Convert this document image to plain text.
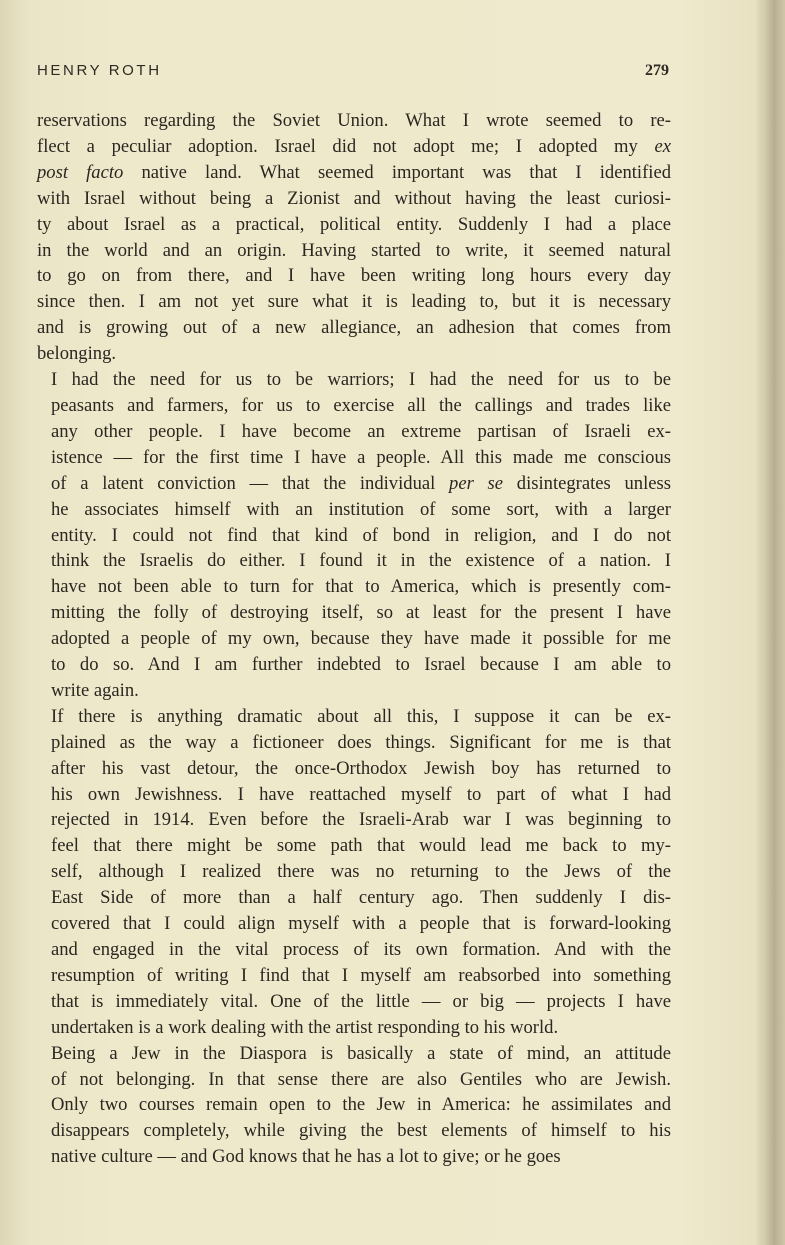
HENRY ROTH	279

reservations regarding the Soviet Union. What I wrote seemed to re-
flect a peculiar adoption. Israel did not adopt me; I adopted my ex
post facto native land. What seemed important was that I identified
with Israel without being a Zionist and without having the least curiosi-
ty about Israel as a practical, political entity. Suddenly I had a place
in the world and an origin. Having started to write, it seemed natural
to go on from there, and I have been writing long hours every day
since then. I am not yet sure what it is leading to, but it is necessary
and is growing out of a new allegiance, an adhesion that comes from
belonging.

I had the need for us to be warriors; I had the need for us to be
peasants and farmers, for us to exercise all the callings and trades like
any other people. I have become an extreme partisan of Israeli ex-
istence — for the first time I have a people. All this made me conscious
of a latent conviction — that the individual per se disintegrates unless
he associates himself with an institution of some sort, with a larger
entity. I could not find that kind of bond in religion, and I do not
think the Israelis do either. I found it in the existence of a nation. I
have not been able to turn for that to America, which is presently com-
mitting the folly of destroying itself, so at least for the present I have
adopted a people of my own, because they have made it possible for me
to do so. And I am further indebted to Israel because I am able to
write again.

If there is anything dramatic about all this, I suppose it can be ex-
plained as the way a fictioneer does things. Significant for me is that
after his vast detour, the once-Orthodox Jewish boy has returned to
his own Jewishness. I have reattached myself to part of what I had
rejected in 1914. Even before the Israeli-Arab war I was beginning to
feel that there might be some path that would lead me back to my-
self, although I realized there was no returning to the Jews of the
East Side of more than a half century ago. Then suddenly I dis-
covered that I could align myself with a people that is forward-looking
and engaged in the vital process of its own formation. And with the
resumption of writing I find that I myself am reabsorbed into something
that is immediately vital. One of the little — or big — projects I have
undertaken is a work dealing with the artist responding to his world.

Being a Jew in the Diaspora is basically a state of mind, an attitude
of not belonging. In that sense there are also Gentiles who are Jewish.
Only two courses remain open to the Jew in America: he assimilates and
disappears completely, while giving the best elements of himself to his
native culture — and God knows that he has a lot to give; or he goes
